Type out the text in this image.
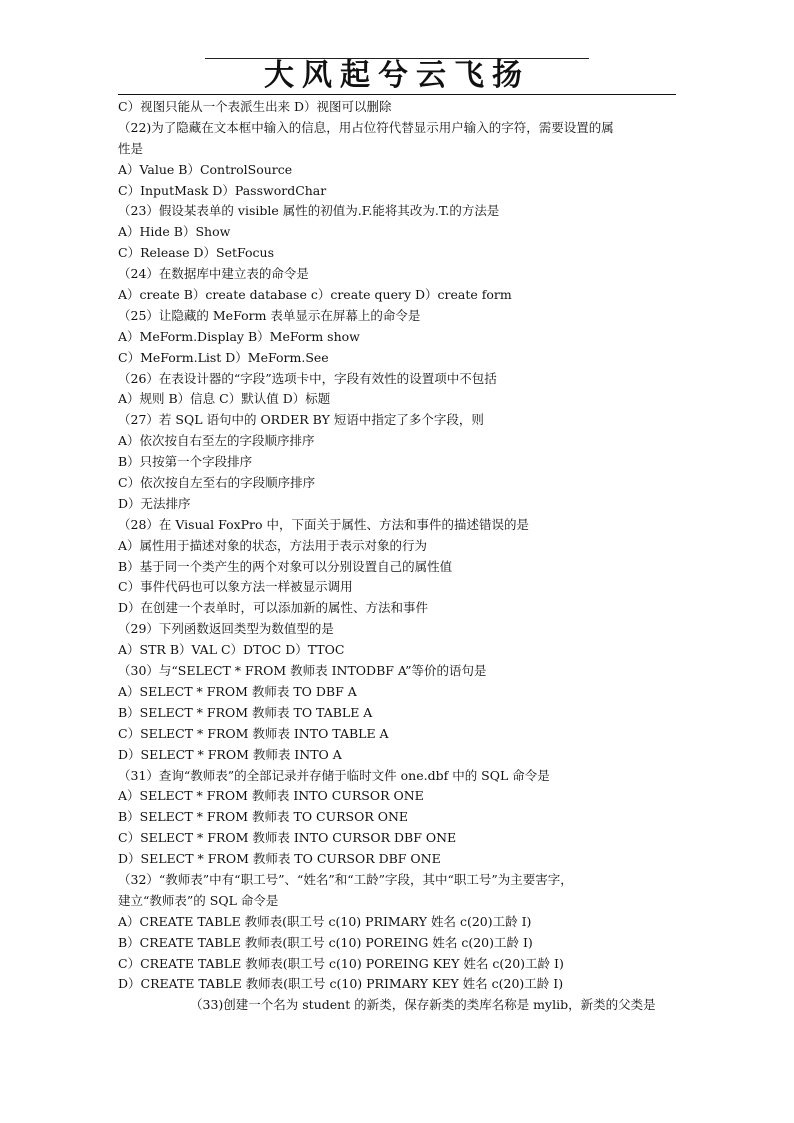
大风起兮云飞扬
C）视图只能从一个表派生出来 D）视图可以删除
（22)为了隐藏在文本框中输入的信息，用占位符代替显示用户输入的字符，需要设置的属
性是
A）Value B）ControlSource
C）InputMask D）PasswordChar
（23）假设某表单的 visible 属性的初值为.F.能将其改为.T.的方法是
A）Hide B）Show
C）Release D）SetFocus
（24）在数据库中建立表的命令是
A）create B）create database c）create query D）create form
（25）让隐藏的 MeForm 表单显示在屏幕上的命令是
A）MeForm.Display B）MeForm show
C）MeForm.List D）MeForm.See
（26）在表设计器的“字段”选项卡中，字段有效性的设置项中不包括
A）规则 B）信息 C）默认值 D）标题
（27）若 SQL 语句中的 ORDER BY 短语中指定了多个字段，则
A）依次按自右至左的字段顺序排序
B）只按第一个字段排序
C）依次按自左至右的字段顺序排序
D）无法排序
（28）在 Visual FoxPro 中，下面关于属性、方法和事件的描述错误的是
A）属性用于描述对象的状态，方法用于表示对象的行为
B）基于同一个类产生的两个对象可以分别设置自己的属性值
C）事件代码也可以象方法一样被显示调用
D）在创建一个表单时，可以添加新的属性、方法和事件
（29）下列函数返回类型为数值型的是
A）STR B）VAL C）DTOC D）TTOC
（30）与“SELECT * FROM 教师表 INTODBF A”等价的语句是
A）SELECT * FROM 教师表 TO DBF A
B）SELECT * FROM 教师表 TO TABLE A
C）SELECT * FROM 教师表 INTO TABLE A
D）SELECT * FROM 教师表 INTO A
（31）查询“教师表”的全部记录并存储于临时文件 one.dbf 中的 SQL 命令是
A）SELECT * FROM 教师表 INTO CURSOR ONE
B）SELECT * FROM 教师表 TO CURSOR ONE
C）SELECT * FROM 教师表 INTO CURSOR DBF ONE
D）SELECT * FROM 教师表 TO CURSOR DBF ONE
（32）“教师表”中有“职工号”、“姓名”和“工龄”字段，其中“职工号”为主要害字，
建立“教师表”的 SQL 命令是
A）CREATE TABLE 教师表(职工号 c(10) PRIMARY 姓名 c(20)工龄 I)
B）CREATE TABLE 教师表(职工号 c(10) POREING 姓名 c(20)工龄 I)
C）CREATE TABLE 教师表(职工号 c(10) POREING KEY 姓名 c(20)工龄 I)
D）CREATE TABLE 教师表(职工号 c(10) PRIMARY KEY 姓名 c(20)工龄 I)
（33)创建一个名为 student 的新类，保存新类的类库名称是 mylib，新类的父类是
